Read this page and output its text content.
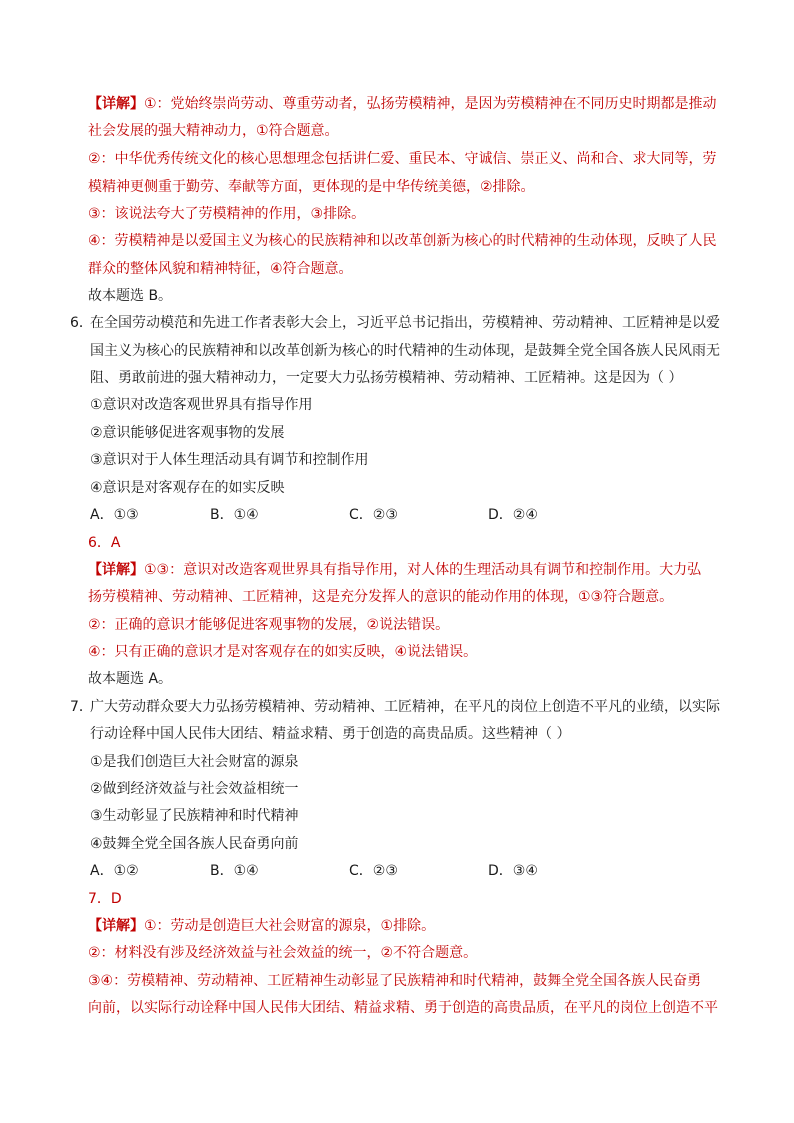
【详解】①：党始终崇尚劳动、尊重劳动者，弘扬劳模精神，是因为劳模精神在不同历史时期都是推动
社会发展的强大精神动力，①符合题意。
②：中华优秀传统文化的核心思想理念包括讲仁爱、重民本、守诚信、崇正义、尚和合、求大同等，劳
模精神更侧重于勤劳、奉献等方面，更体现的是中华传统美德，②排除。
③：该说法夸大了劳模精神的作用，③排除。
④：劳模精神是以爱国主义为核心的民族精神和以改革创新为核心的时代精神的生动体现，反映了人民
群众的整体风貌和精神特征，④符合题意。
故本题选 B。
6．
在全国劳动模范和先进工作者表彰大会上，习近平总书记指出，劳模精神、劳动精神、工匠精神是以爱
国主义为核心的民族精神和以改革创新为核心的时代精神的生动体现，是鼓舞全党全国各族人民风雨无
阻、勇敢前进的强大精神动力，一定要大力弘扬劳模精神、劳动精神、工匠精神。这是因为（ ）
①意识对改造客观世界具有指导作用
②意识能够促进客观事物的发展
③意识对于人体生理活动具有调节和控制作用
④意识是对客观存在的如实反映
A．①③	B．①④	C．②③	D．②④
6．A
【详解】①③：意识对改造客观世界具有指导作用，对人体的生理活动具有调节和控制作用。大力弘
扬劳模精神、劳动精神、工匠精神，这是充分发挥人的意识的能动作用的体现，①③符合题意。
②：正确的意识才能够促进客观事物的发展，②说法错误。
④：只有正确的意识才是对客观存在的如实反映，④说法错误。
故本题选 A。
7．
广大劳动群众要大力弘扬劳模精神、劳动精神、工匠精神，在平凡的岗位上创造不平凡的业绩，以实际
行动诠释中国人民伟大团结、精益求精、勇于创造的高贵品质。这些精神（ ）
①是我们创造巨大社会财富的源泉
②做到经济效益与社会效益相统一
③生动彰显了民族精神和时代精神
④鼓舞全党全国各族人民奋勇向前
A．①②	B．①④	C．②③	D．③④
7．D
【详解】①：劳动是创造巨大社会财富的源泉，①排除。
②：材料没有涉及经济效益与社会效益的统一，②不符合题意。
③④：劳模精神、劳动精神、工匠精神生动彰显了民族精神和时代精神，鼓舞全党全国各族人民奋勇
向前，以实际行动诠释中国人民伟大团结、精益求精、勇于创造的高贵品质，在平凡的岗位上创造不平
